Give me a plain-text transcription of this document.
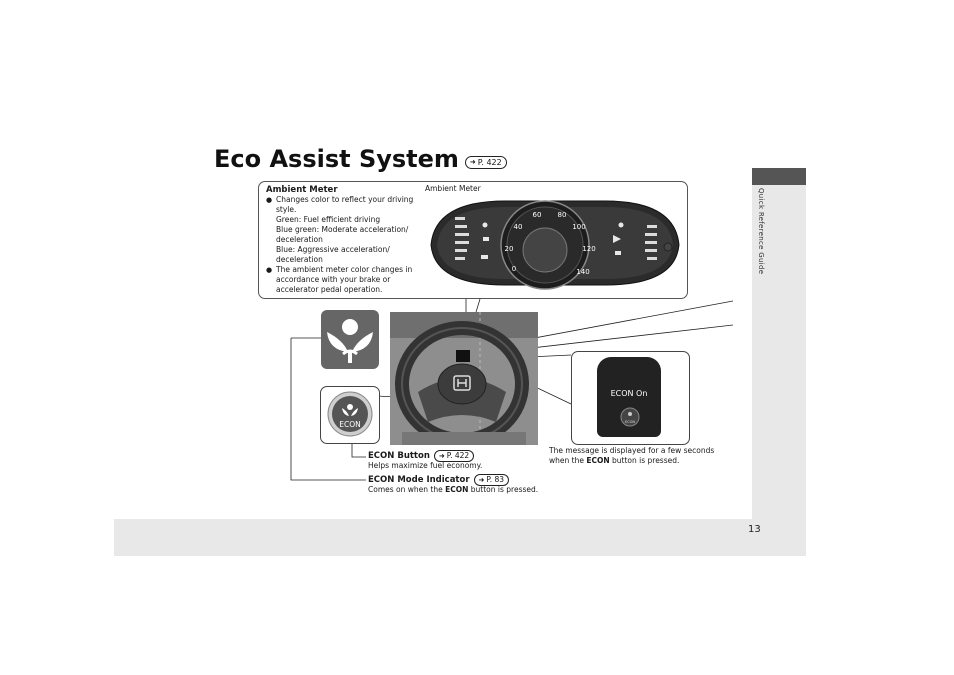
Quick Reference Guide
13
Eco Assist System ➜ P. 422
Ambient Meter
● Changes color to reflect your driving style.
Green: Fuel efficient driving
Blue green: Moderate acceleration/ deceleration
Blue: Aggressive acceleration/ deceleration
● The ambient meter color changes in accordance with your brake or accelerator pedal operation.
Ambient Meter
0
20
40
60 80
100
120
140
ECON On
ECON
ECON
ECON Button ➜ P. 422
Helps maximize fuel economy.
ECON Mode Indicator ➜ P. 83
Comes on when the ECON button is pressed.
The message is displayed for a few seconds when the ECON button is pressed.
